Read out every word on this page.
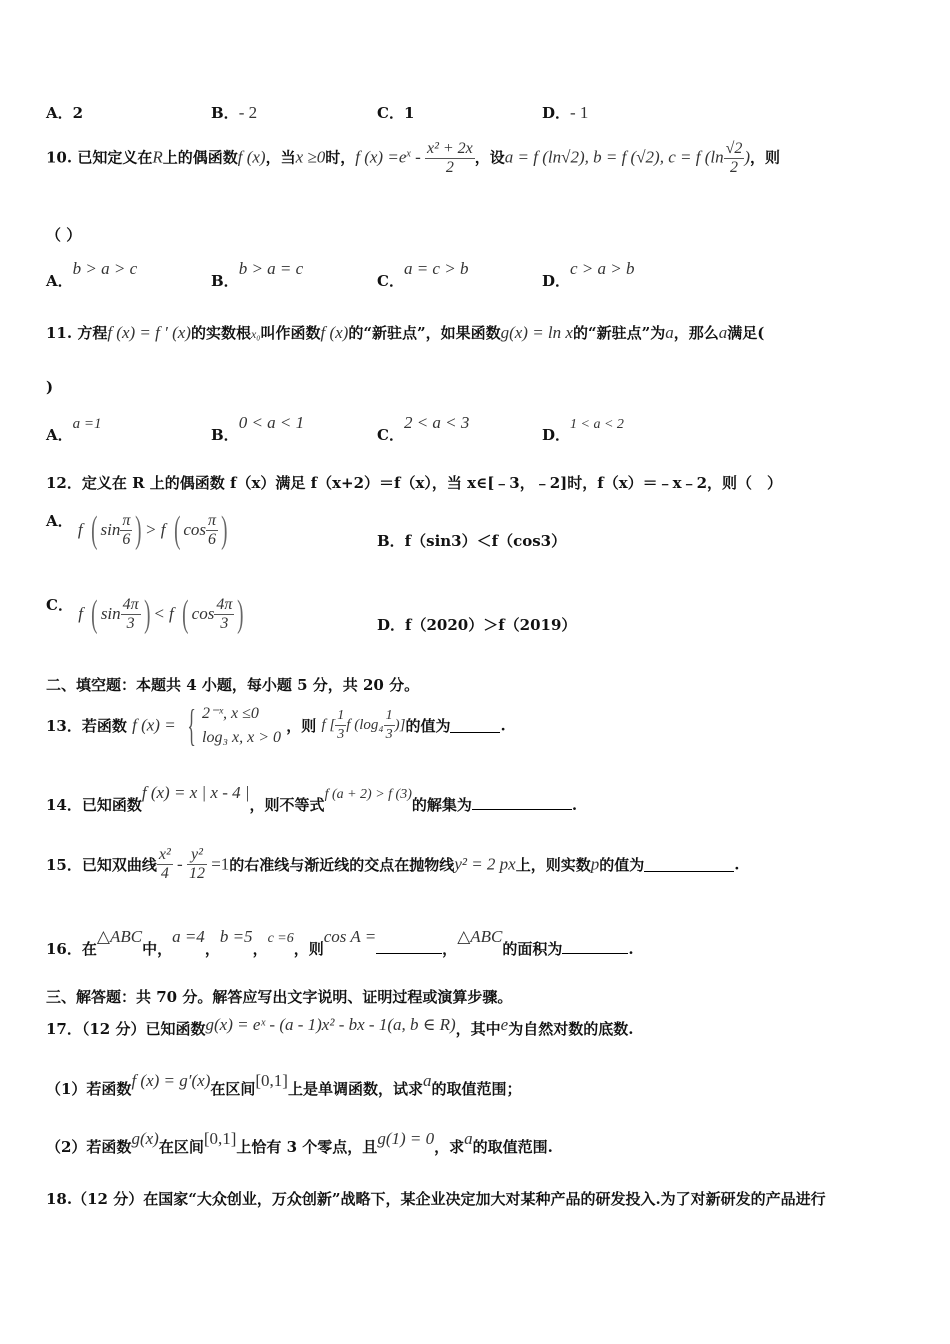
A．2	B．- 2	C．1	D．- 1
10. 已知定义在R上的偶函数f (x)，当x ≥0时，f $(x) =e^x - \frac{\text{x² + 2x}}{2}$ ，设a = f (ln√2), b = f (√2), c = f ($\ln \frac{√2}{2}$ )，则
（ ）
A．b > a > c
B．b > a = c
C．a = c > b
D．c > a > b
11. 方程f (x) = f ′ (x)的实数根x₀叫作函数f (x)的“新驻点”，如果函数g(x) = ln x的“新驻点”为a，那么a满足(
)
A．a =1
B．0 < a < 1
C．2 < a < 3
D．1 < a < 2
12．定义在 R 上的偶函数 f（x）满足 f（x+2）＝f（x），当 x∈[﹣3，﹣2]时，f（x）＝﹣x﹣2，则（　）
A． f ( $\sin \frac{\pi}{6}$ ) > f ( $\cos \frac{\pi}{6}$ )	B．f（sin3）＜f（cos3）
C． f ( $\sin \frac{4\pi}{3}$ ) < f ( $\cos \frac{4\pi}{3}$ )	D．f（2020）＞f（2019）
二、填空题：本题共 4 小题，每小题 5 分，共 20 分。
13．若函数 f (x) = { 2⁻ˣ, x ≤0
log₃ x, x > 0
，则 f [ $\frac{1}{3}$ f ($\log_4 \frac{1}{3}$ )]的值为	.
14．已知函数f (x) = x | x - 4 |，则不等式f (a + 2) > f (3)的解集为	.
15．已知双曲线 $\frac{\text{x²}}{4} - \frac{\text{y²}}{12} =1$的右准线与渐近线的交点在抛物线y² = 2 px上，则实数p的值为	.
16．在△ABC中，a =4，b =5，c =6，则cos A =，△ABC的面积为	.
三、解答题：共 70 分。解答应写出文字说明、证明过程或演算步骤。
17．（12 分）已知函数g(x) = eˣ - (a - 1)x² - bx - 1(a, b ∈ R)，其中e为自然对数的底数.
（1）若函数f (x) = g′(x)在区间[0,1]上是单调函数，试求a的取值范围；
（2）若函数g(x)在区间[0,1]上恰有 3 个零点，且g(1) = 0，求a的取值范围.
18.（12 分）在国家“大众创业，万众创新”战略下，某企业决定加大对某种产品的研发投入.为了对新研发的产品进行
